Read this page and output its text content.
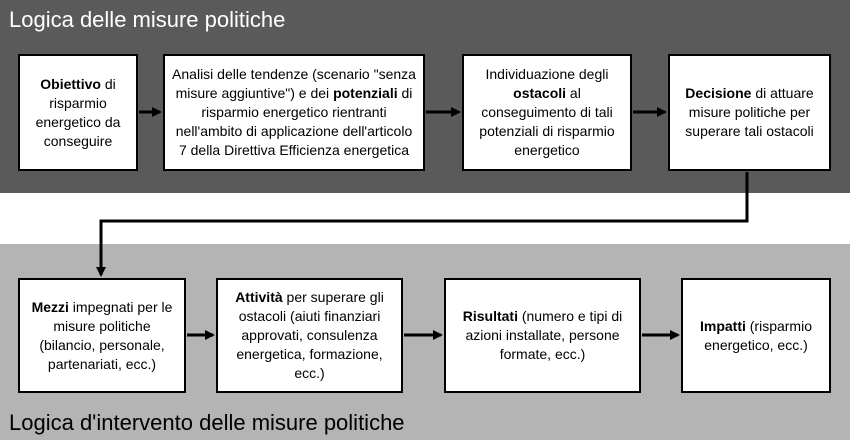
Logica delle misure politiche
Logica d'intervento delle misure politiche
Obiettivo di risparmio energetico da conseguire
Analisi delle tendenze (scenario "senza misure aggiuntive") e dei potenziali di risparmio energetico rientranti nell'ambito di applicazione dell'articolo 7 della Direttiva Efficienza energetica
Individuazione degli ostacoli al conseguimento di tali potenziali di risparmio energetico
Decisione di attuare misure politiche per superare tali ostacoli
Mezzi impegnati per le misure politiche (bilancio, personale, partenariati, ecc.)
Attività per superare gli ostacoli (aiuti finanziari approvati, consulenza energetica, formazione, ecc.)
Risultati (numero e tipi di azioni installate, persone formate, ecc.)
Impatti (risparmio energetico, ecc.)
